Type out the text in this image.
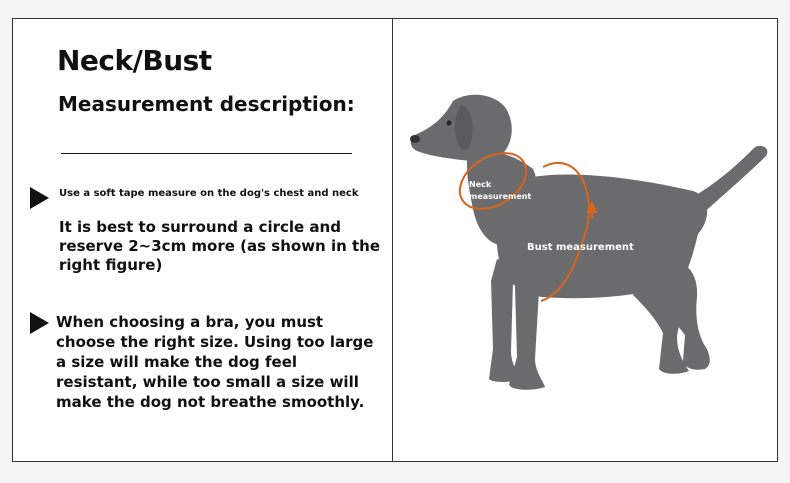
Neck/Bust
Measurement description:
Use a soft tape measure on the dog's chest and neck
It is best to surround a circle and reserve 2~3cm more (as shown in the right figure)
When choosing a bra, you must choose the right size. Using too large a size will make the dog feel resistant, while too small a size will make the dog not breathe smoothly.
Neck
measurement
Bust measurement
